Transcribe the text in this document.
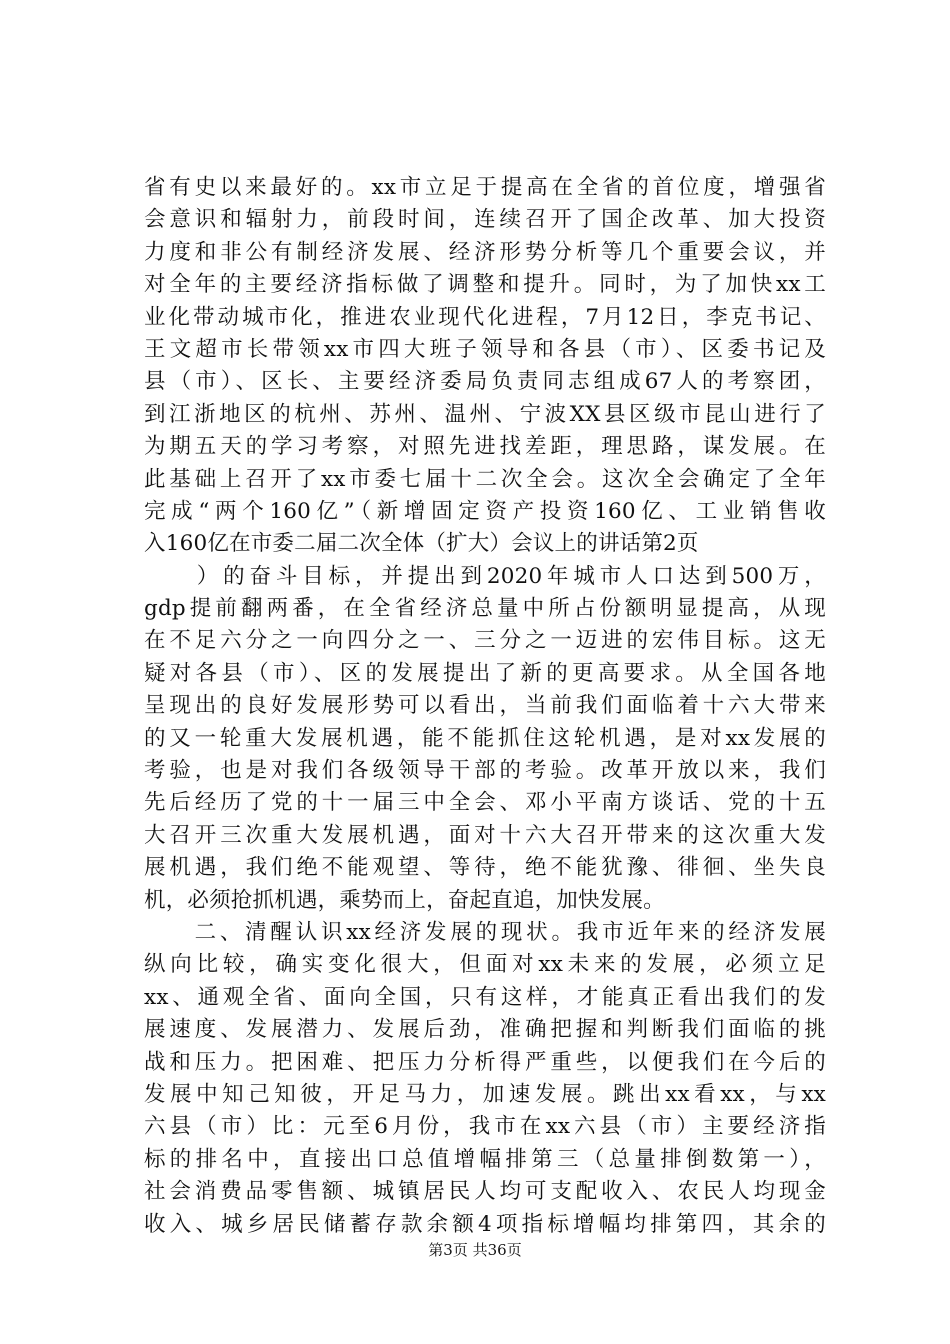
省有史以来最好的。xx市立足于提高在全省的首位度，增强省
会意识和辐射力，前段时间，连续召开了国企改革、加大投资
力度和非公有制经济发展、经济形势分析等几个重要会议，并
对全年的主要经济指标做了调整和提升。同时，为了加快xx工
业化带动城市化，推进农业现代化进程，7月12日，李克书记、
王文超市长带领xx市四大班子领导和各县（市）、区委书记及
县（市）、区长、主要经济委局负责同志组成67人的考察团，
到江浙地区的杭州、苏州、温州、宁波XX县区级市昆山进行了
为期五天的学习考察，对照先进找差距，理思路，谋发展。在
此基础上召开了xx市委七届十二次全会。这次全会确定了全年
完成“两个160亿”（新增固定资产投资160亿、工业销售收
入160亿在市委二届二次全体（扩大）会议上的讲话第2页
　　）的奋斗目标，并提出到2020年城市人口达到500万，
gdp提前翻两番，在全省经济总量中所占份额明显提高，从现
在不足六分之一向四分之一、三分之一迈进的宏伟目标。这无
疑对各县（市）、区的发展提出了新的更高要求。从全国各地
呈现出的良好发展形势可以看出，当前我们面临着十六大带来
的又一轮重大发展机遇，能不能抓住这轮机遇，是对xx发展的
考验，也是对我们各级领导干部的考验。改革开放以来，我们
先后经历了党的十一届三中全会、邓小平南方谈话、党的十五
大召开三次重大发展机遇，面对十六大召开带来的这次重大发
展机遇，我们绝不能观望、等待，绝不能犹豫、徘徊、坐失良
机，必须抢抓机遇，乘势而上，奋起直追，加快发展。
　　二、清醒认识xx经济发展的现状。我市近年来的经济发展
纵向比较，确实变化很大，但面对xx未来的发展，必须立足
xx、通观全省、面向全国，只有这样，才能真正看出我们的发
展速度、发展潜力、发展后劲，准确把握和判断我们面临的挑
战和压力。把困难、把压力分析得严重些，以便我们在今后的
发展中知己知彼，开足马力，加速发展。跳出xx看xx，与xx
六县（市）比：元至6月份，我市在xx六县（市）主要经济指
标的排名中，直接出口总值增幅排第三（总量排倒数第一），
社会消费品零售额、城镇居民人均可支配收入、农民人均现金
收入、城乡居民储蓄存款余额4项指标增幅均排第四，其余的
第3页 共36页
